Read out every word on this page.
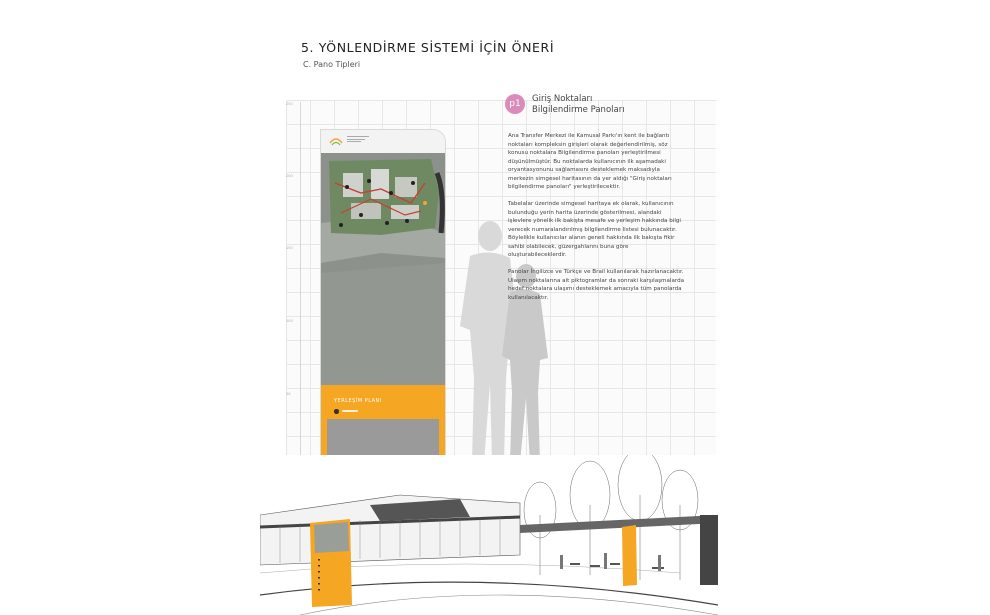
5. YÖNLENDİRME SİSTEMİ İÇİN ÖNERİ
C. Pano Tipleri
250
200
150
100
50
YERLEŞİM PLANI
p1	Giriş Noktaları
Bilgilendirme Panoları

Ana Transfer Merkezi ile Kamusal Parkı'ın kent ile bağlantı noktaları kompleksin girişleri olarak değerlendirilmiş, söz konusu noktalara Bilgilendirme panoları yerleştirilmesi düşünülmüştür. Bu noktalarda kullanıcının ilk aşamadaki oryantasyonunu sağlamasını desteklemek maksadıyla merkezin simgesel haritasının da yer aldığı "Giriş noktaları bilgilendirme panoları" yerleştirilecektir.

Tabelalar üzerinde simgesel haritaya ek olarak, kullanıcının bulunduğu yerin harita üzerinde gösterilmesi, alandaki işlevlere yönelik ilk bakışta mesafe ve yerleşim hakkında bilgi verecek numaralandırılmış bilgilendirme listesi bulunacaktır. Böylelikle kullanıcılar alanın geneli hakkında ilk bakışta fikir sahibi olabilecek, güzergahlarını buna göre oluşturabileceklerdir.

Panolar İngilizce ve Türkçe ve Brail kullanılarak hazırlanacaktır. Ulaşım noktalarına ait piktogramlar da sonraki karşılaşmalarda hedef noktalara ulaşımı desteklemek amacıyla tüm panolarda kullanılacaktır.
